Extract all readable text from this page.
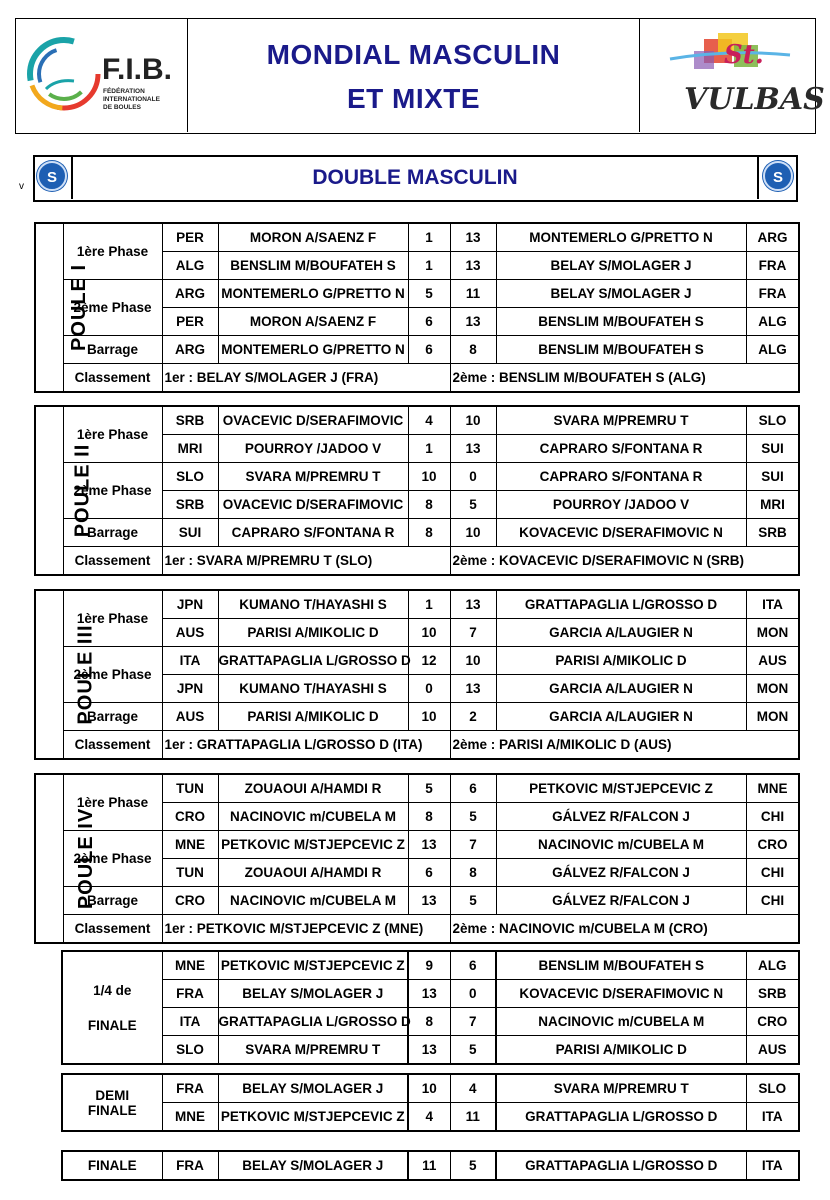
F.I.B.
FÉDÉRATION
INTERNATIONALE
DE BOULES
MONDIAL MASCULIN
ET MIXTE
St.
VULBAS
v
S	DOUBLE MASCULIN	S
POULE I	1ère Phase	PER	MORON A/SAENZ F	1	13	MONTEMERLO G/PRETTO N	ARG
		ALG	BENSLIM M/BOUFATEH S	1	13	BELAY S/MOLAGER J	FRA
	2ème Phase	ARG	MONTEMERLO G/PRETTO N	5	11	BELAY S/MOLAGER J	FRA
		PER	MORON A/SAENZ F	6	13	BENSLIM M/BOUFATEH S	ALG
	Barrage	ARG	MONTEMERLO G/PRETTO N	6	8	BENSLIM M/BOUFATEH S	ALG
	Classement	1er : BELAY S/MOLAGER J (FRA)			2ème : BENSLIM M/BOUFATEH S (ALG)		
POULE II	1ère Phase	SRB	OVACEVIC D/SERAFIMOVIC	4	10	SVARA M/PREMRU T	SLO
		MRI	POURROY /JADOO V	1	13	CAPRARO S/FONTANA R	SUI
	2ème Phase	SLO	SVARA M/PREMRU T	10	0	CAPRARO S/FONTANA R	SUI
		SRB	OVACEVIC D/SERAFIMOVIC	8	5	POURROY /JADOO V	MRI
	Barrage	SUI	CAPRARO S/FONTANA R	8	10	KOVACEVIC D/SERAFIMOVIC N	SRB
	Classement	1er : SVARA M/PREMRU T (SLO)			2ème : KOVACEVIC D/SERAFIMOVIC N (SRB)		
POULE III	1ère Phase	JPN	KUMANO T/HAYASHI S	1	13	GRATTAPAGLIA L/GROSSO D	ITA
		AUS	PARISI A/MIKOLIC D	10	7	GARCIA A/LAUGIER N	MON
	2ème Phase	ITA	GRATTAPAGLIA L/GROSSO D	12	10	PARISI A/MIKOLIC D	AUS
		JPN	KUMANO T/HAYASHI S	0	13	GARCIA A/LAUGIER N	MON
	Barrage	AUS	PARISI A/MIKOLIC D	10	2	GARCIA A/LAUGIER N	MON
	Classement	1er : GRATTAPAGLIA L/GROSSO D (ITA)			2ème : PARISI A/MIKOLIC D (AUS)		
POULE IV	1ère Phase	TUN	ZOUAOUI A/HAMDI R	5	6	PETKOVIC M/STJEPCEVIC Z	MNE
		CRO	NACINOVIC m/CUBELA M	8	5	GÁLVEZ R/FALCON J	CHI
	2ème Phase	MNE	PETKOVIC M/STJEPCEVIC Z	13	7	NACINOVIC m/CUBELA M	CRO
		TUN	ZOUAOUI A/HAMDI R	6	8	GÁLVEZ R/FALCON J	CHI
	Barrage	CRO	NACINOVIC m/CUBELA M	13	5	GÁLVEZ R/FALCON J	CHI
	Classement	1er : PETKOVIC M/STJEPCEVIC Z (MNE)			2ème : NACINOVIC m/CUBELA M (CRO)		
1/4 de
FINALE	MNE	PETKOVIC M/STJEPCEVIC Z	9	6	BENSLIM M/BOUFATEH S	ALG
	FRA	BELAY S/MOLAGER J	13	0	KOVACEVIC D/SERAFIMOVIC N	SRB
	ITA	GRATTAPAGLIA L/GROSSO D	8	7	NACINOVIC m/CUBELA M	CRO
	SLO	SVARA M/PREMRU T	13	5	PARISI A/MIKOLIC D	AUS
DEMI
FINALE	FRA	BELAY S/MOLAGER J	10	4	SVARA M/PREMRU T	SLO
	MNE	PETKOVIC M/STJEPCEVIC Z	4	11	GRATTAPAGLIA L/GROSSO D	ITA
FINALE	FRA	BELAY S/MOLAGER J	11	5	GRATTAPAGLIA L/GROSSO D	ITA
